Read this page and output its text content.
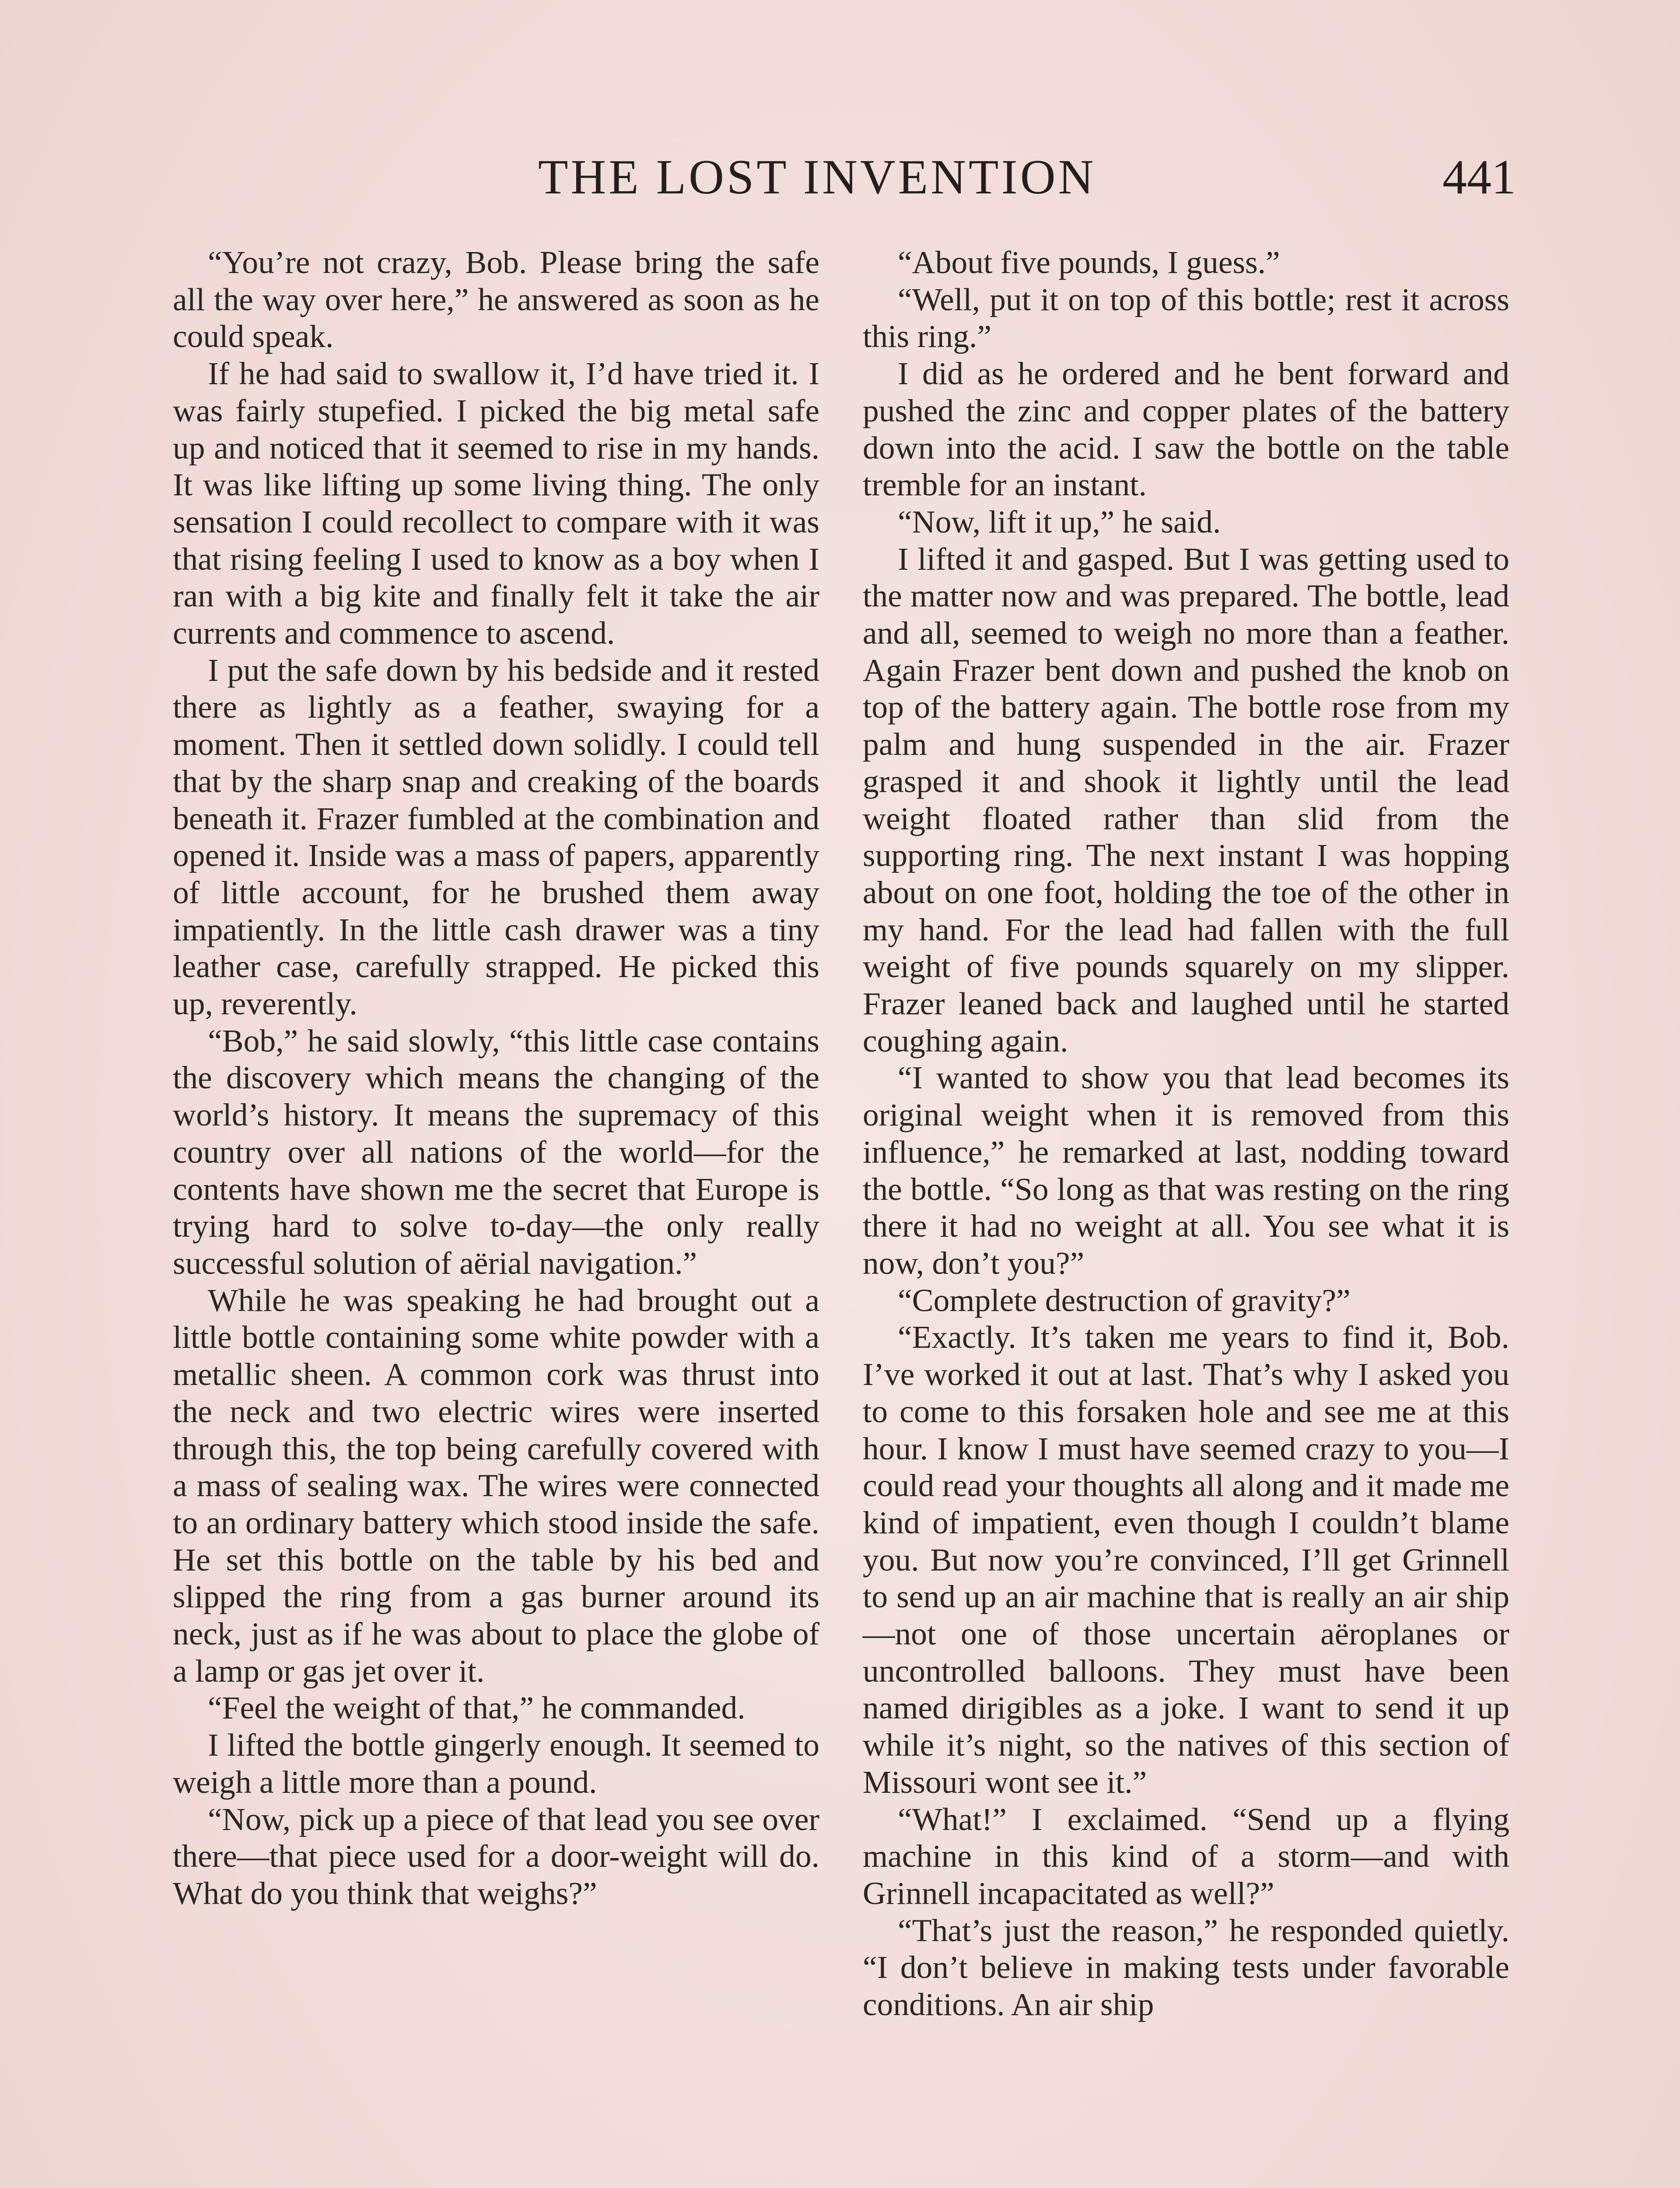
THE LOST INVENTION	441

“You’re not crazy, Bob. Please bring the safe all the way over here,” he answered as soon as he could speak.

If he had said to swallow it, I’d have tried it. I was fairly stupefied. I picked the big metal safe up and noticed that it seemed to rise in my hands. It was like lifting up some living thing. The only sensation I could recollect to compare with it was that rising feeling I used to know as a boy when I ran with a big kite and finally felt it take the air currents and commence to ascend.

I put the safe down by his bedside and it rested there as lightly as a feather, swaying for a moment. Then it settled down solidly. I could tell that by the sharp snap and creaking of the boards beneath it. Frazer fumbled at the combination and opened it. Inside was a mass of papers, apparently of little account, for he brushed them away impatiently. In the little cash drawer was a tiny leather case, carefully strapped. He picked this up, reverently.

“Bob,” he said slowly, “this little case contains the discovery which means the changing of the world’s history. It means the supremacy of this country over all nations of the world—for the contents have shown me the secret that Europe is trying hard to solve to-day—the only really successful solution of aërial navigation.”

While he was speaking he had brought out a little bottle containing some white powder with a metallic sheen. A common cork was thrust into the neck and two electric wires were inserted through this, the top being carefully covered with a mass of sealing wax. The wires were connected to an ordinary battery which stood inside the safe. He set this bottle on the table by his bed and slipped the ring from a gas burner around its neck, just as if he was about to place the globe of a lamp or gas jet over it.

“Feel the weight of that,” he commanded.

I lifted the bottle gingerly enough. It seemed to weigh a little more than a pound.

“Now, pick up a piece of that lead you see over there—that piece used for a door-weight will do. What do you think that weighs?”

“About five pounds, I guess.”

“Well, put it on top of this bottle; rest it across this ring.”

I did as he ordered and he bent forward and pushed the zinc and copper plates of the battery down into the acid. I saw the bottle on the table tremble for an instant.

“Now, lift it up,” he said.

I lifted it and gasped. But I was getting used to the matter now and was prepared. The bottle, lead and all, seemed to weigh no more than a feather. Again Frazer bent down and pushed the knob on top of the battery again. The bottle rose from my palm and hung suspended in the air. Frazer grasped it and shook it lightly until the lead weight floated rather than slid from the supporting ring. The next instant I was hopping about on one foot, holding the toe of the other in my hand. For the lead had fallen with the full weight of five pounds squarely on my slipper. Frazer leaned back and laughed until he started coughing again.

“I wanted to show you that lead becomes its original weight when it is removed from this influence,” he remarked at last, nodding toward the bottle. “So long as that was resting on the ring there it had no weight at all. You see what it is now, don’t you?”

“Complete destruction of gravity?”

“Exactly. It’s taken me years to find it, Bob. I’ve worked it out at last. That’s why I asked you to come to this forsaken hole and see me at this hour. I know I must have seemed crazy to you—I could read your thoughts all along and it made me kind of impatient, even though I couldn’t blame you. But now you’re convinced, I’ll get Grinnell to send up an air machine that is really an air ship—not one of those uncertain aëroplanes or uncontrolled balloons. They must have been named dirigibles as a joke. I want to send it up while it’s night, so the natives of this section of Missouri wont see it.”

“What!” I exclaimed. “Send up a flying machine in this kind of a storm—and with Grinnell incapacitated as well?”

“That’s just the reason,” he responded quietly. “I don’t believe in making tests under favorable conditions. An air ship
